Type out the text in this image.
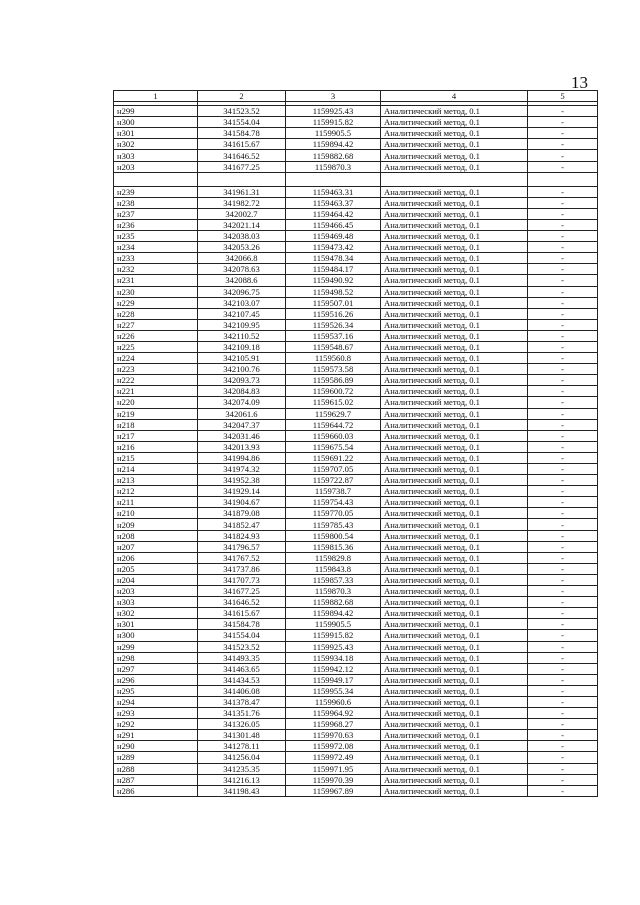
13
1	2	3	4	5

н299	341523.52	1159925.43	Аналитический метод, 0.1	-
н300	341554.04	1159915.82	Аналитический метод, 0.1	-
н301	341584.78	1159905.5	Аналитический метод, 0.1	-
н302	341615.67	1159894.42	Аналитический метод, 0.1	-
н303	341646.52	1159882.68	Аналитический метод, 0.1	-
н203	341677.25	1159870.3	Аналитический метод, 0.1	-

н239	341961.31	1159463.31	Аналитический метод, 0.1	-
н238	341982.72	1159463.37	Аналитический метод, 0.1	-
н237	342002.7	1159464.42	Аналитический метод, 0.1	-
н236	342021.14	1159466.45	Аналитический метод, 0.1	-
н235	342038.03	1159469.48	Аналитический метод, 0.1	-
н234	342053.26	1159473.42	Аналитический метод, 0.1	-
н233	342066.8	1159478.34	Аналитический метод, 0.1	-
н232	342078.63	1159484.17	Аналитический метод, 0.1	-
н231	342088.6	1159490.92	Аналитический метод, 0.1	-
н230	342096.75	1159498.52	Аналитический метод, 0.1	-
н229	342103.07	1159507.01	Аналитический метод, 0.1	-
н228	342107.45	1159516.26	Аналитический метод, 0.1	-
н227	342109.95	1159526.34	Аналитический метод, 0.1	-
н226	342110.52	1159537.16	Аналитический метод, 0.1	-
н225	342109.18	1159548.67	Аналитический метод, 0.1	-
н224	342105.91	1159560.8	Аналитический метод, 0.1	-
н223	342100.76	1159573.58	Аналитический метод, 0.1	-
н222	342093.73	1159586.89	Аналитический метод, 0.1	-
н221	342084.83	1159600.72	Аналитический метод, 0.1	-
н220	342074.09	1159615.02	Аналитический метод, 0.1	-
н219	342061.6	1159629.7	Аналитический метод, 0.1	-
н218	342047.37	1159644.72	Аналитический метод, 0.1	-
н217	342031.46	1159660.03	Аналитический метод, 0.1	-
н216	342013.93	1159675.54	Аналитический метод, 0.1	-
н215	341994.86	1159691.22	Аналитический метод, 0.1	-
н214	341974.32	1159707.05	Аналитический метод, 0.1	-
н213	341952.38	1159722.87	Аналитический метод, 0.1	-
н212	341929.14	1159738.7	Аналитический метод, 0.1	-
н211	341904.67	1159754.43	Аналитический метод, 0.1	-
н210	341879.08	1159770.05	Аналитический метод, 0.1	-
н209	341852.47	1159785.43	Аналитический метод, 0.1	-
н208	341824.93	1159800.54	Аналитический метод, 0.1	-
н207	341796.57	1159815.36	Аналитический метод, 0.1	-
н206	341767.52	1159829.8	Аналитический метод, 0.1	-
н205	341737.86	1159843.8	Аналитический метод, 0.1	-
н204	341707.73	1159857.33	Аналитический метод, 0.1	-
н203	341677.25	1159870.3	Аналитический метод, 0.1	-
н303	341646.52	1159882.68	Аналитический метод, 0.1	-
н302	341615.67	1159894.42	Аналитический метод, 0.1	-
н301	341584.78	1159905.5	Аналитический метод, 0.1	-
н300	341554.04	1159915.82	Аналитический метод, 0.1	-
н299	341523.52	1159925.43	Аналитический метод, 0.1	-
н298	341493.35	1159934.18	Аналитический метод, 0.1	-
н297	341463.65	1159942.12	Аналитический метод, 0.1	-
н296	341434.53	1159949.17	Аналитический метод, 0.1	-
н295	341406.08	1159955.34	Аналитический метод, 0.1	-
н294	341378.47	1159960.6	Аналитический метод, 0.1	-
н293	341351.76	1159964.92	Аналитический метод, 0.1	-
н292	341326.05	1159968.27	Аналитический метод, 0.1	-
н291	341301.48	1159970.63	Аналитический метод, 0.1	-
н290	341278.11	1159972.08	Аналитический метод, 0.1	-
н289	341256.04	1159972.49	Аналитический метод, 0.1	-
н288	341235.35	1159971.95	Аналитический метод, 0.1	-
н287	341216.13	1159970.39	Аналитический метод, 0.1	-
н286	341198.43	1159967.89	Аналитический метод, 0.1	-
